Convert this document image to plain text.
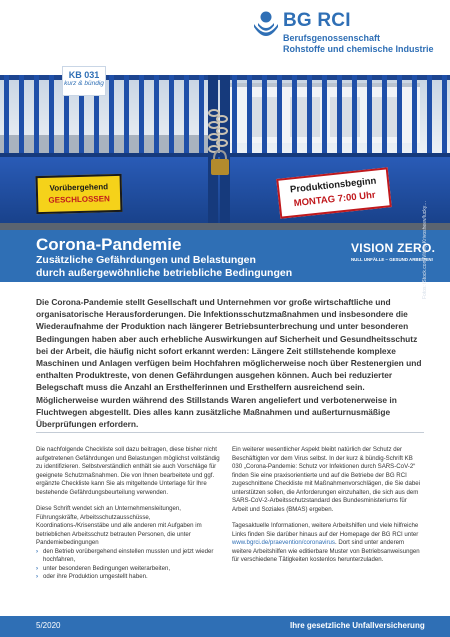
BG RCI
Berufsgenossenschaft
Rohstoffe und chemische Industrie
KB 031
kurz & bündig
Fotos: iStock.com/Vitaliy Krivosheev/lucky…
Vorübergehend
GESCHLOSSEN
Produktionsbeginn
MONTAG 7:00 Uhr
Corona-Pandemie
Zusätzliche Gefährdungen und Belastungen
durch außergewöhnliche betriebliche Bedingungen
VISION ZERO.
NULL UNFÄLLE – GESUND ARBEITEN!

Die Corona-Pandemie stellt Gesellschaft und Unternehmen vor große wirtschaftliche und organisatorische Herausforderungen. Die Infektionsschutzmaßnahmen und insbesondere die Wiederaufnahme der Produktion nach längerer Betriebsunterbrechung und unter besonderen Bedingungen haben aber auch erhebliche Auswirkungen auf Sicherheit und Gesundheitsschutz bei der Arbeit, die häufig nicht sofort erkannt werden: Längere Zeit stillstehende komplexe Maschinen und Anlagen verfügen beim Hochfahren möglicherweise noch über Restenergien und enthalten Produktreste, von denen Gefährdungen ausgehen können. Auch bei reduzierter Belegschaft muss die Anzahl an Ersthelferinnen und Ersthelfern ausreichend sein. Möglicherweise wurden während des Stillstands Waren angeliefert und verbotenerweise in Fluchtwegen abgestellt. Dies alles kann zusätzliche Maßnahmen und außerturnusmäßige Überprüfungen erfordern.

Die nachfolgende Checkliste soll dazu beitragen, diese bisher nicht aufgetretenen Gefährdungen und Belastungen möglichst vollständig zu identifizieren. Selbstverständlich enthält sie auch Vorschläge für geeignete Schutzmaßnahmen. Die von Ihnen bearbeitete und ggf. ergänzte Checkliste kann Sie als mitgeltende Unterlage für Ihre bestehende Gefährdungsbeurteilung verwenden.

Diese Schrift wendet sich an Unternehmensleitungen, Führungskräfte, Arbeitsschutzausschüsse, Koordinations-/Krisenstäbe und alle anderen mit Aufgaben im betrieblichen Arbeitsschutz betrauten Personen, die unter Pandemiebedingungen

› den Betrieb vorübergehend einstellen mussten und jetzt wieder hochfahren,
› unter besonderen Bedingungen weiterarbeiten,
› oder ihre Produktion umgestellt haben.

Ein weiterer wesentlicher Aspekt bleibt natürlich der Schutz der Beschäftigten vor dem Virus selbst. In der kurz & bündig-Schrift KB 030 „Corona-Pandemie: Schutz vor Infektionen durch SARS-CoV-2“ finden Sie eine praxisorientierte und auf die Betriebe der BG RCI zugeschnittene Checkliste mit Maßnahmenvorschlägen, die Sie dabei unterstützen sollen, die Anforderungen einzuhalten, die sich aus dem SARS-CoV-2-Arbeitsschutzstandard des Bundesministeriums für Arbeit und Soziales (BMAS) ergeben.

Tagesaktuelle Informationen, weitere Arbeitshilfen und viele hilfreiche Links finden Sie darüber hinaus auf der Homepage der BG RCI unter www.bgrci.de/praevention/coronavirus. Dort sind unter anderem weitere Arbeitshilfen wie editierbare Muster von Betriebsanweisungen für verschiedene Tätigkeiten kostenlos herunterzuladen.

5/2020	Ihre gesetzliche Unfallversicherung
